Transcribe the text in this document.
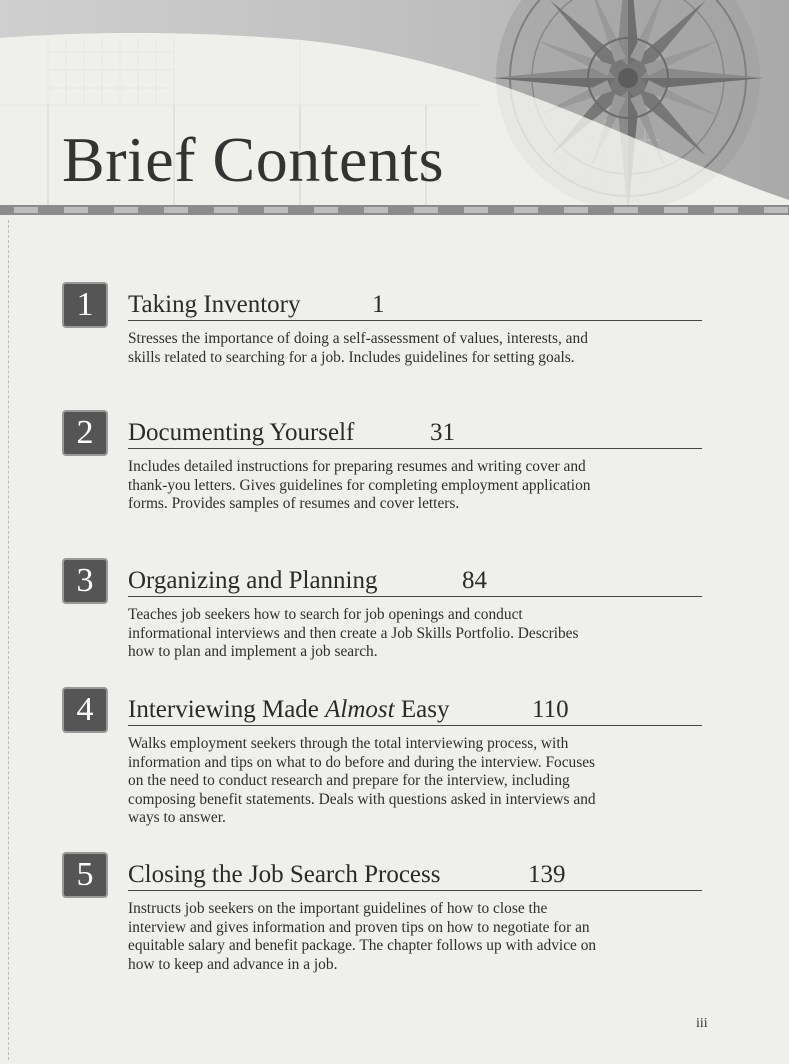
Brief Contents
1	Taking Inventory	1
Stresses the importance of doing a self-assessment of values, interests, and skills related to searching for a job. Includes guidelines for setting goals.
2	Documenting Yourself	31
Includes detailed instructions for preparing resumes and writing cover and thank-you letters. Gives guidelines for completing employment application forms. Provides samples of resumes and cover letters.
3	Organizing and Planning	84
Teaches job seekers how to search for job openings and conduct informational interviews and then create a Job Skills Portfolio. Describes how to plan and implement a job search.
4	Interviewing Made Almost Easy	110
Walks employment seekers through the total interviewing process, with information and tips on what to do before and during the interview. Focuses on the need to conduct research and prepare for the interview, including composing benefit statements. Deals with questions asked in interviews and ways to answer.
5	Closing the Job Search Process	139
Instructs job seekers on the important guidelines of how to close the interview and gives information and proven tips on how to negotiate for an equitable salary and benefit package. The chapter follows up with advice on how to keep and advance in a job.
iii
